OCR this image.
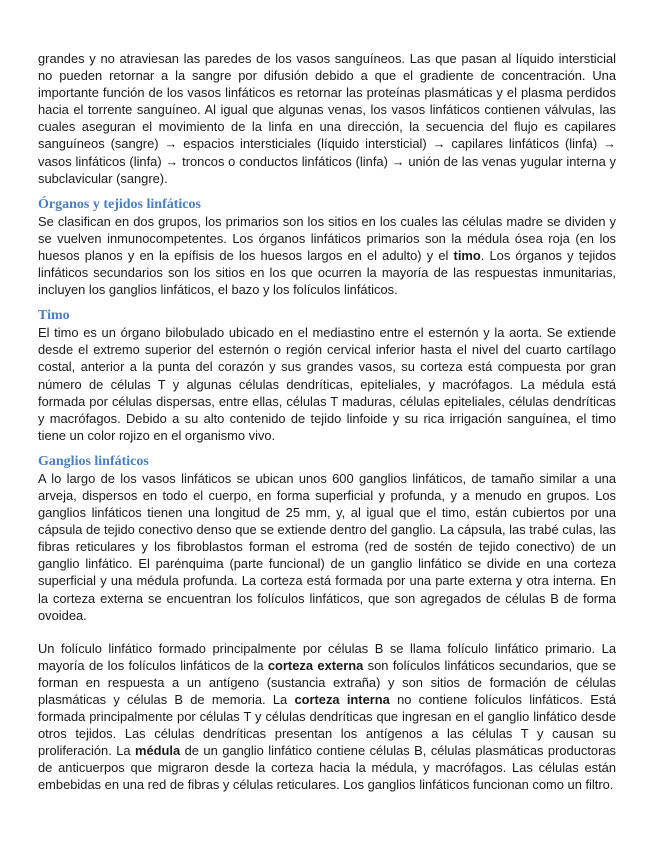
grandes y no atraviesan las paredes de los vasos sanguíneos. Las que pasan al líquido intersticial no pueden retornar a la sangre por difusión debido a que el gradiente de concentración. Una importante función de los vasos linfáticos es retornar las proteínas plasmáticas y el plasma perdidos hacia el torrente sanguíneo. Al igual que algunas venas, los vasos linfáticos contienen válvulas, las cuales aseguran el movimiento de la linfa en una dirección, la secuencia del flujo es capilares sanguíneos (sangre) → espacios intersticiales (líquido intersticial) → capilares linfáticos (linfa) → vasos linfáticos (linfa) → troncos o conductos linfáticos (linfa) → unión de las venas yugular interna y subclavicular (sangre).

Órganos y tejidos linfáticos

Se clasifican en dos grupos, los primarios son los sitios en los cuales las células madre se dividen y se vuelven inmunocompetentes. Los órganos linfáticos primarios son la médula ósea roja (en los huesos planos y en la epífisis de los huesos largos en el adulto) y el timo. Los órganos y tejidos linfáticos secundarios son los sitios en los que ocurren la mayoría de las respuestas inmunitarias, incluyen los ganglios linfáticos, el bazo y los folículos linfáticos.

Timo

El timo es un órgano bilobulado ubicado en el mediastino entre el esternón y la aorta. Se extiende desde el extremo superior del esternón o región cervical inferior hasta el nivel del cuarto cartílago costal, anterior a la punta del corazón y sus grandes vasos, su corteza está compuesta por gran número de células T y algunas células dendríticas, epiteliales, y macrófagos. La médula está formada por células dispersas, entre ellas, células T maduras, células epiteliales, células dendríticas y macrófagos. Debido a su alto contenido de tejido linfoide y su rica irrigación sanguínea, el timo tiene un color rojizo en el organismo vivo.

Ganglios linfáticos

A lo largo de los vasos linfáticos se ubican unos 600 ganglios linfáticos, de tamaño similar a una arveja, dispersos en todo el cuerpo, en forma superficial y profunda, y a menudo en grupos. Los ganglios linfáticos tienen una longitud de 25 mm, y, al igual que el timo, están cubiertos por una cápsula de tejido conectivo denso que se extiende dentro del ganglio. La cápsula, las trabé culas, las fibras reticulares y los fibroblastos forman el estroma (red de sostén de tejido conectivo) de un ganglio linfático. El parénquima (parte funcional) de un ganglio linfático se divide en una corteza superficial y una médula profunda. La corteza está formada por una parte externa y otra interna. En la corteza externa se encuentran los folículos linfáticos, que son agregados de células B de forma ovoidea.

Un folículo linfático formado principalmente por células B se llama folículo linfático primario. La mayoría de los folículos linfáticos de la corteza externa son folículos linfáticos secundarios, que se forman en respuesta a un antígeno (sustancia extraña) y son sitios de formación de células plasmáticas y células B de memoria. La corteza interna no contiene folículos linfáticos. Está formada principalmente por células T y células dendríticas que ingresan en el ganglio linfático desde otros tejidos. Las células dendríticas presentan los antígenos a las células T y causan su proliferación. La médula de un ganglio linfático contiene células B, células plasmáticas productoras de anticuerpos que migraron desde la corteza hacia la médula, y macrófagos. Las células están embebidas en una red de fibras y células reticulares. Los ganglios linfáticos funcionan como un filtro.
